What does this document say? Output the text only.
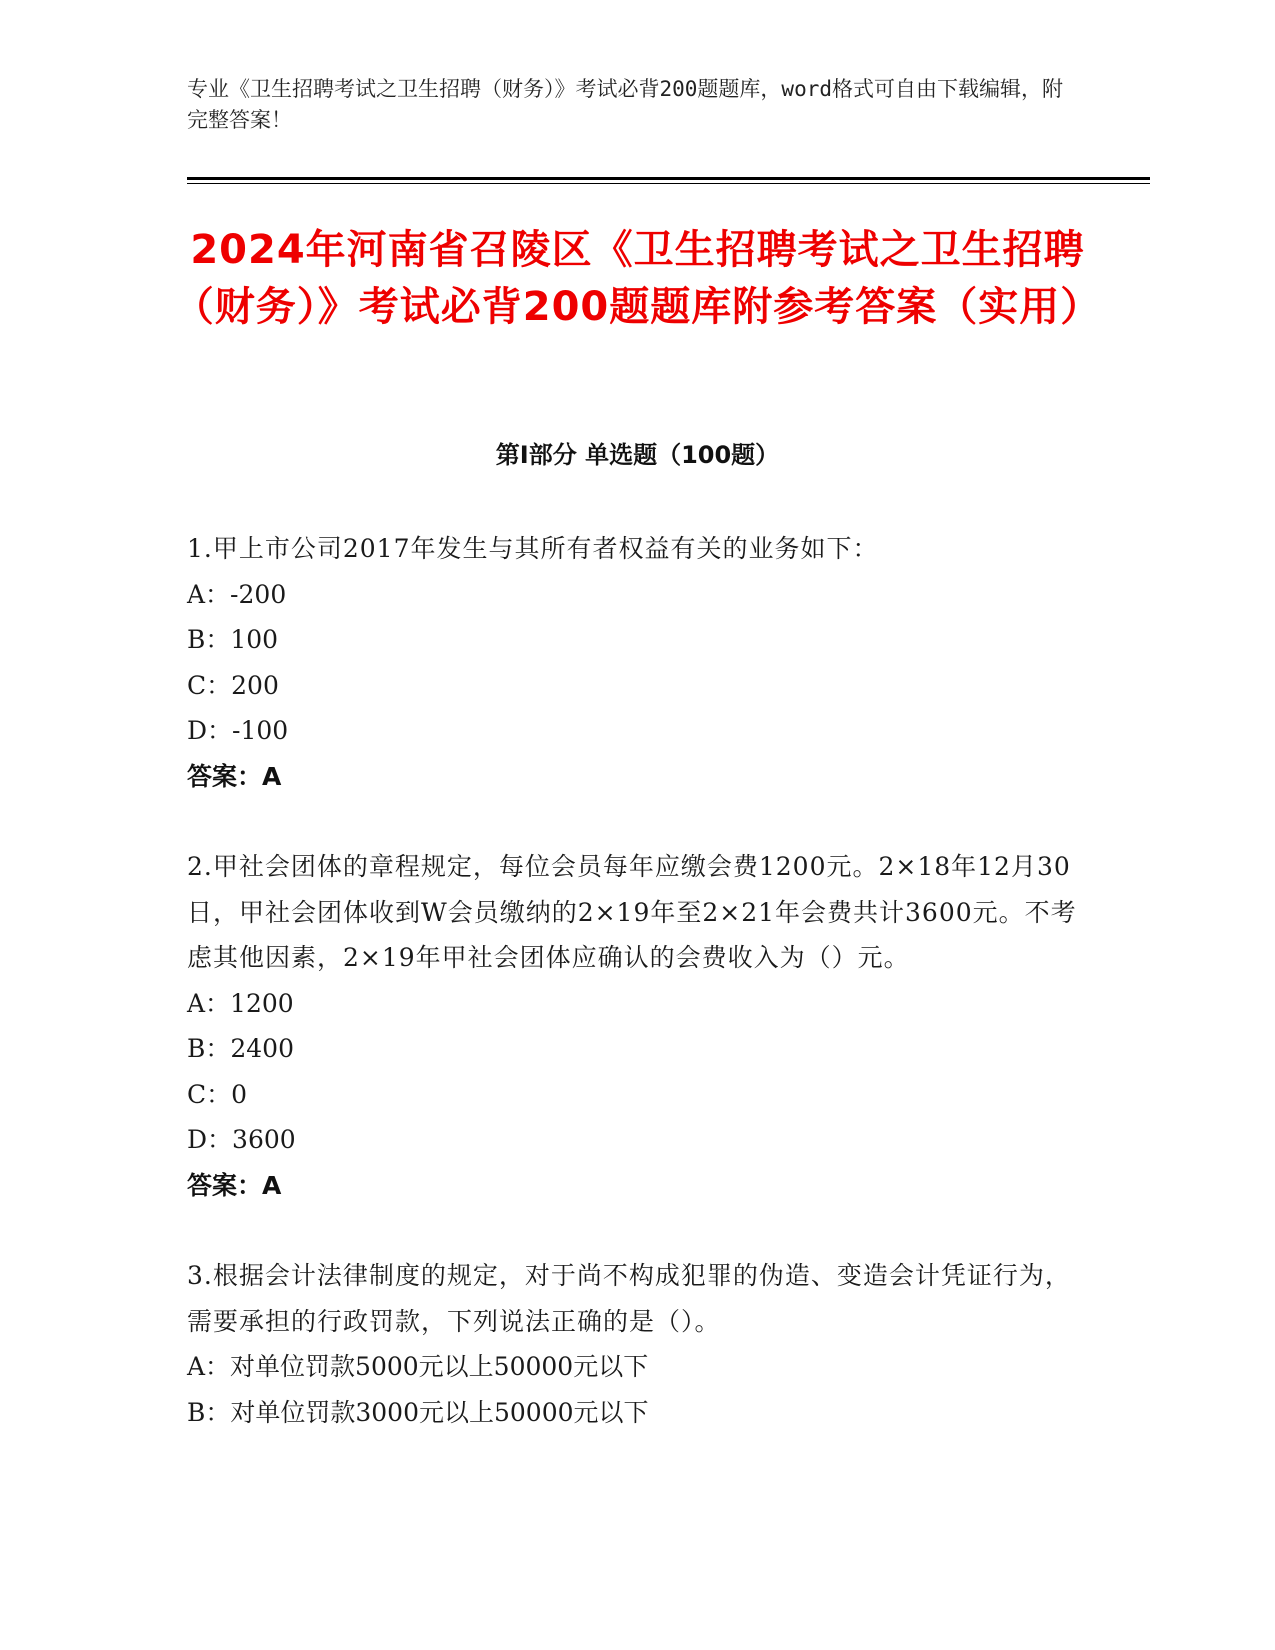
专业《卫生招聘考试之卫生招聘（财务）》考试必背200题题库，word格式可自由下载编辑，附完整答案！
2024年河南省召陵区《卫生招聘考试之卫生招聘（财务）》考试必背200题题库附参考答案（实用）
第I部分 单选题（100题）
1.甲上市公司2017年发生与其所有者权益有关的业务如下：
A：-200
B：100
C：200
D：-100
答案：A
2.甲社会团体的章程规定，每位会员每年应缴会费1200元。2×18年12月30日，甲社会团体收到W会员缴纳的2×19年至2×21年会费共计3600元。不考虑其他因素，2×19年甲社会团体应确认的会费收入为（）元。
A：1200
B：2400
C：0
D：3600
答案：A
3.根据会计法律制度的规定，对于尚不构成犯罪的伪造、变造会计凭证行为，需要承担的行政罚款，下列说法正确的是（）。
A：对单位罚款5000元以上50000元以下
B：对单位罚款3000元以上50000元以下
